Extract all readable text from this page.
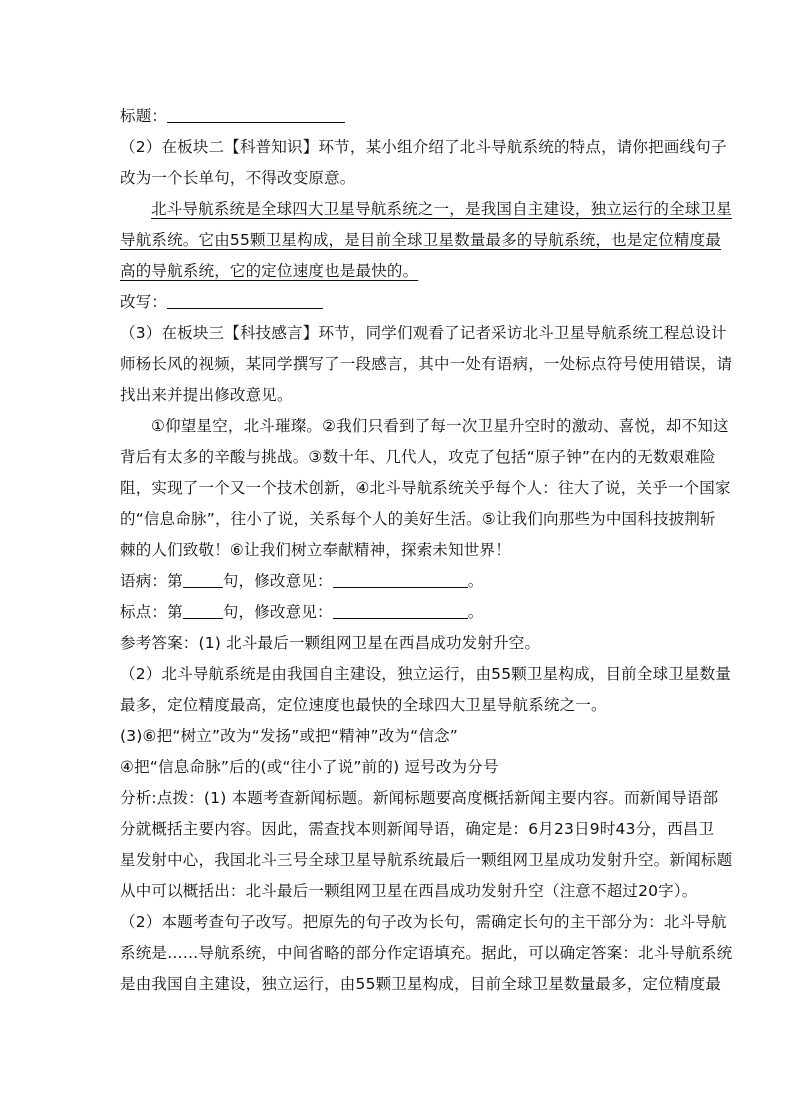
标题：
（2）在板块二【科普知识】环节，某小组介绍了北斗导航系统的特点，请你把画线句子
改为一个长单句，不得改变原意。
北斗导航系统是全球四大卫星导航系统之一，是我国自主建设，独立运行的全球卫星
导航系统。它由55颗卫星构成，是目前全球卫星数量最多的导航系统，也是定位精度最
高的导航系统，它的定位速度也是最快的。
改写：
（3）在板块三【科技感言】环节，同学们观看了记者采访北斗卫星导航系统工程总设计
师杨长风的视频，某同学撰写了一段感言，其中一处有语病，一处标点符号使用错误，请
找出来并提出修改意见。
①仰望星空，北斗璀璨。②我们只看到了每一次卫星升空时的激动、喜悦，却不知这
背后有太多的辛酸与挑战。③数十年、几代人，攻克了包括“原子钟”在内的无数艰难险
阻，实现了一个又一个技术创新，④北斗导航系统关乎每个人：往大了说，关乎一个国家
的“信息命脉”，往小了说，关系每个人的美好生活。⑤让我们向那些为中国科技披荆斩
棘的人们致敬！⑥让我们树立奉献精神，探索未知世界！
语病：第	句，修改意见：	。
标点：第	句，修改意见：	。
参考答案：(1) 北斗最后一颗组网卫星在西昌成功发射升空。
（2）北斗导航系统是由我国自主建设，独立运行，由55颗卫星构成，目前全球卫星数量
最多，定位精度最高，定位速度也最快的全球四大卫星导航系统之一。
(3)⑥把“树立”改为“发扬”或把“精神”改为“信念”
④把“信息命脉”后的(或“往小了说”前的) 逗号改为分号
分析:点拨：(1) 本题考查新闻标题。新闻标题要高度概括新闻主要内容。而新闻导语部
分就概括主要内容。因此，需查找本则新闻导语，确定是：6月23日9时43分，西昌卫
星发射中心，我国北斗三号全球卫星导航系统最后一颗组网卫星成功发射升空。新闻标题
从中可以概括出：北斗最后一颗组网卫星在西昌成功发射升空（注意不超过20字）。
（2）本题考查句子改写。把原先的句子改为长句，需确定长句的主干部分为：北斗导航
系统是……导航系统，中间省略的部分作定语填充。据此，可以确定答案：北斗导航系统
是由我国自主建设，独立运行，由55颗卫星构成，目前全球卫星数量最多，定位精度最
